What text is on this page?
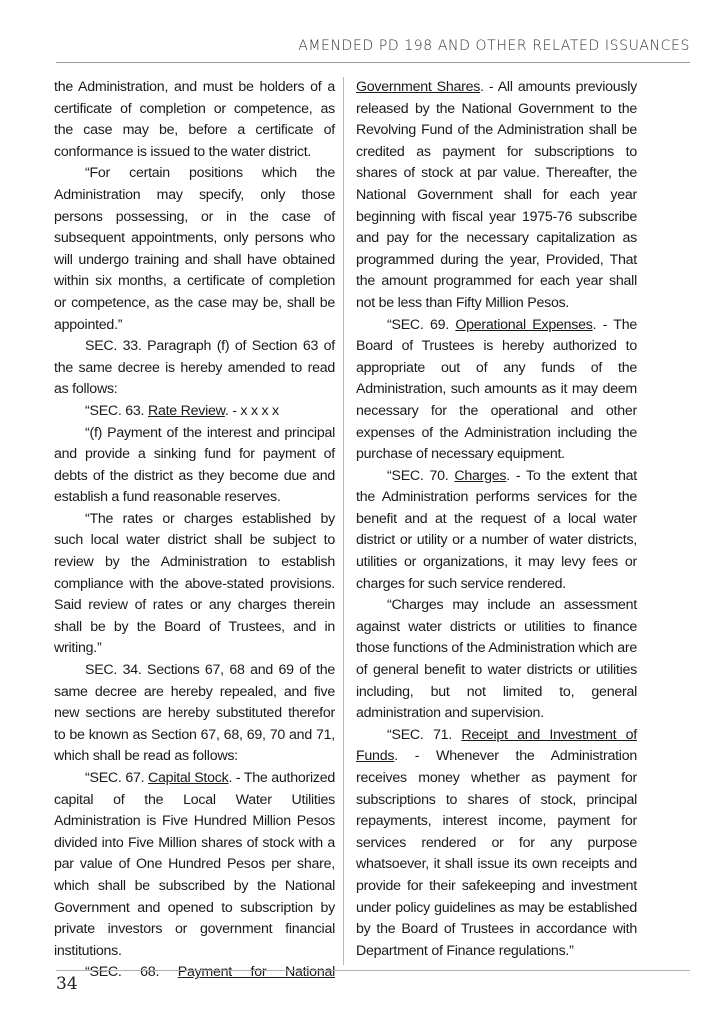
AMENDED PD 198 AND OTHER RELATED ISSUANCES

the Administration, and must be holders of a certificate of completion or competence, as the case may be, before a certificate of conformance is issued to the water district.

“For certain positions which the Administration may specify, only those persons possessing, or in the case of subsequent appointments, only persons who will undergo training and shall have obtained within six months, a certificate of completion or competence, as the case may be, shall be appointed.”

SEC. 33. Paragraph (f) of Section 63 of the same decree is hereby amended to read as follows:

“SEC. 63. Rate Review. - x x x x

“(f) Payment of the interest and principal and provide a sinking fund for payment of debts of the district as they become due and establish a fund reasonable reserves.

“The rates or charges established by such local water district shall be subject to review by the Administration to establish compliance with the above-stated provisions. Said review of rates or any charges therein shall be by the Board of Trustees, and in writing.”

SEC. 34. Sections 67, 68 and 69 of the same decree are hereby repealed, and five new sections are hereby substituted therefor to be known as Section 67, 68, 69, 70 and 71, which shall be read as follows:

“SEC. 67. Capital Stock. - The authorized capital of the Local Water Utilities Administration is Five Hundred Million Pesos divided into Five Million shares of stock with a par value of One Hundred Pesos per share, which shall be subscribed by the National Government and opened to subscription by private investors or government financial institutions.

“SEC. 68. Payment for National

Government Shares. - All amounts previously released by the National Government to the Revolving Fund of the Administration shall be credited as payment for subscriptions to shares of stock at par value. Thereafter, the National Government shall for each year beginning with fiscal year 1975-76 subscribe and pay for the necessary capitalization as programmed during the year, Provided, That the amount programmed for each year shall not be less than Fifty Million Pesos.

“SEC. 69. Operational Expenses. - The Board of Trustees is hereby authorized to appropriate out of any funds of the Administration, such amounts as it may deem necessary for the operational and other expenses of the Administration including the purchase of necessary equipment.

“SEC. 70. Charges. - To the extent that the Administration performs services for the benefit and at the request of a local water district or utility or a number of water districts, utilities or organizations, it may levy fees or charges for such service rendered.

“Charges may include an assessment against water districts or utilities to finance those functions of the Administration which are of general benefit to water districts or utilities including, but not limited to, general administration and supervision.

“SEC. 71. Receipt and Investment of Funds. - Whenever the Administration receives money whether as payment for subscriptions to shares of stock, principal repayments, interest income, payment for services rendered or for any purpose whatsoever, it shall issue its own receipts and provide for their safekeeping and investment under policy guidelines as may be established by the Board of Trustees in accordance with Department of Finance regulations.”

34
